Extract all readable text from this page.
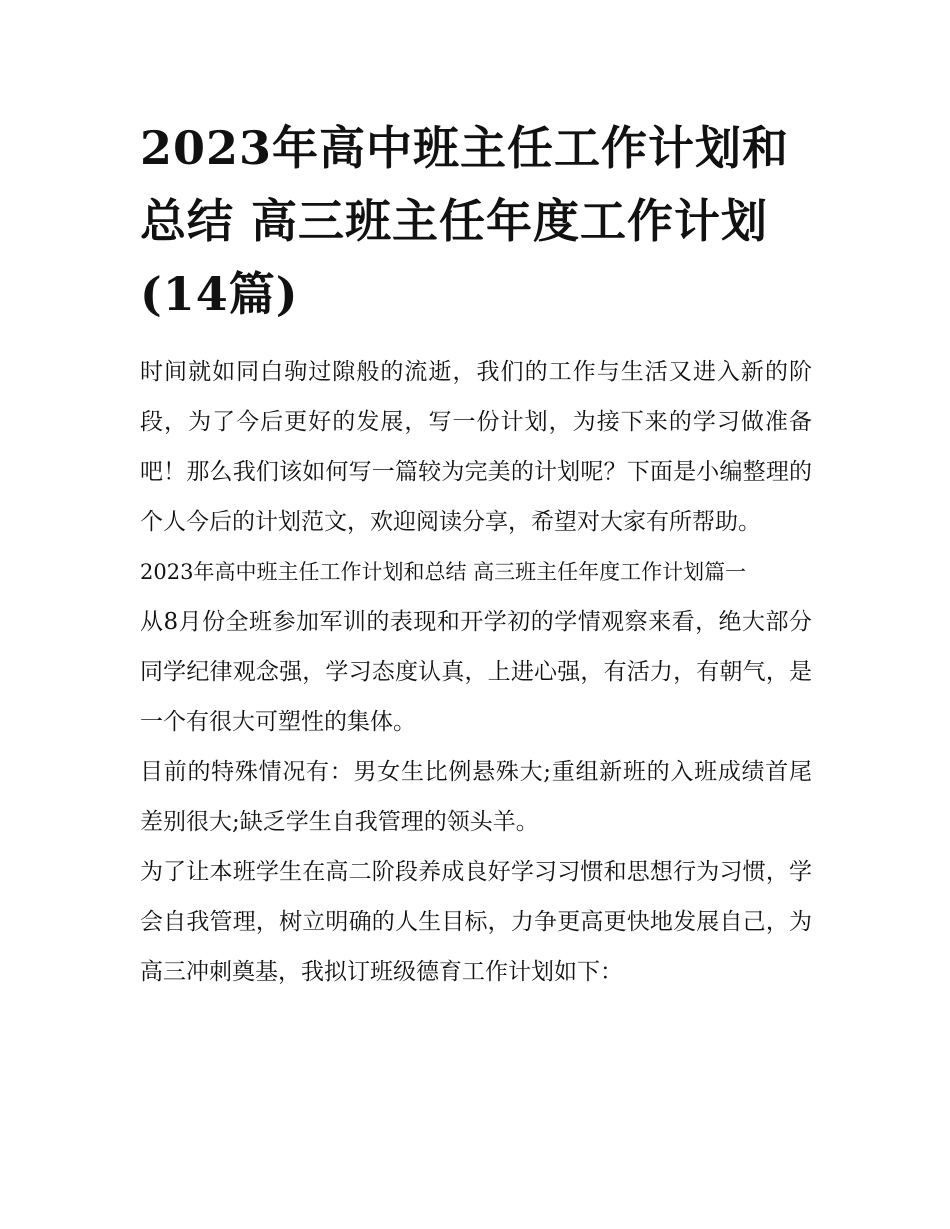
2023年高中班主任工作计划和总结 高三班主任年度工作计划(14篇)

时间就如同白驹过隙般的流逝，我们的工作与生活又进入新的阶段，为了今后更好的发展，写一份计划，为接下来的学习做准备吧！那么我们该如何写一篇较为完美的计划呢？下面是小编整理的个人今后的计划范文，欢迎阅读分享，希望对大家有所帮助。

2023年高中班主任工作计划和总结 高三班主任年度工作计划篇一

从8月份全班参加军训的表现和开学初的学情观察来看，绝大部分同学纪律观念强，学习态度认真，上进心强，有活力，有朝气，是一个有很大可塑性的集体。

目前的特殊情况有：男女生比例悬殊大;重组新班的入班成绩首尾差别很大;缺乏学生自我管理的领头羊。

为了让本班学生在高二阶段养成良好学习习惯和思想行为习惯，学会自我管理，树立明确的人生目标，力争更高更快地发展自己，为高三冲刺奠基，我拟订班级德育工作计划如下：
